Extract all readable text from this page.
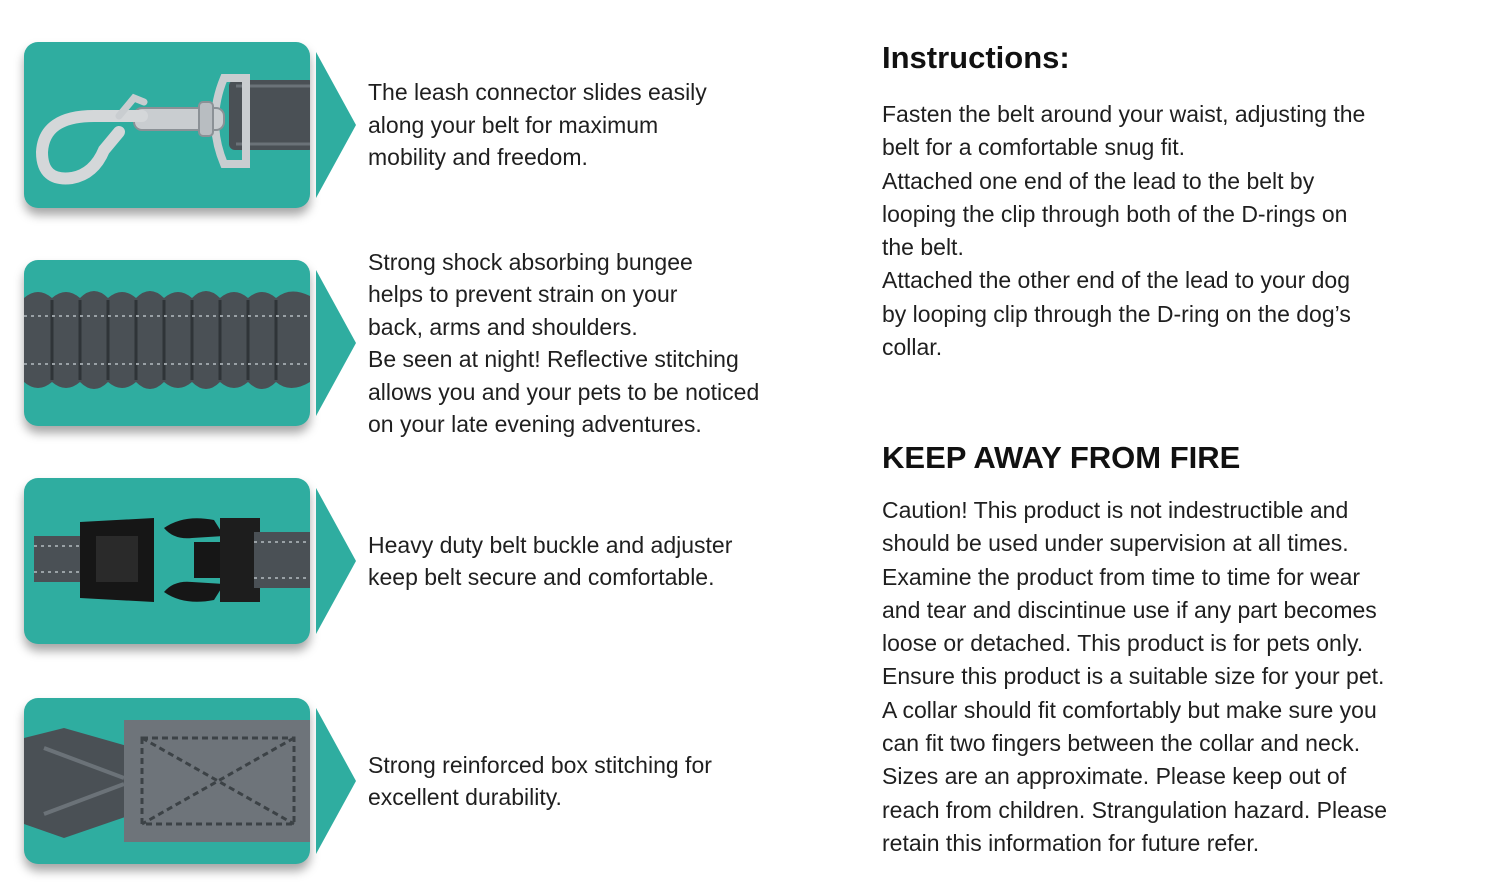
The leash connector slides easily
along your belt for maximum
mobility and freedom.
Strong shock absorbing bungee
helps to prevent strain on your
back, arms and shoulders.
Be seen at night! Reflective stitching
allows you and your pets to be noticed
on your late evening adventures.
Heavy duty belt buckle and adjuster
keep belt secure and comfortable.
Strong reinforced box stitching for
excellent durability.
Instructions:
Fasten the belt around your waist, adjusting the
belt for a comfortable snug fit.
Attached one end of the lead to the belt by
looping the clip through both of the D-rings on
the belt.
Attached the other end of the lead to your dog
by looping clip through the D-ring on the dog’s
collar.
KEEP AWAY FROM FIRE
Caution! This product is not indestructible and
should be used under supervision at all times.
Examine the product from time to time for wear
and tear and discintinue use if any part becomes
loose or detached. This product is for pets only.
Ensure this product is a suitable size for your pet.
A collar should fit comfortably but make sure you
can fit two fingers between the collar and neck.
Sizes are an approximate. Please keep out of
reach from children. Strangulation hazard. Please
retain this information for future refer.
